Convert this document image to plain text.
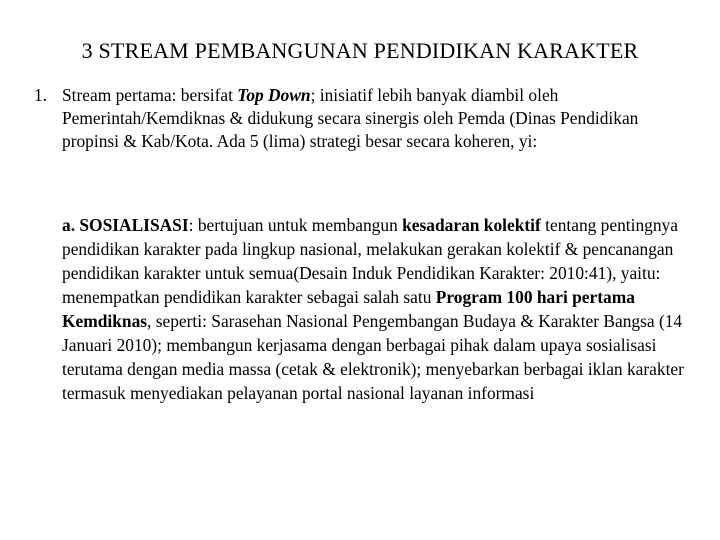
3 STREAM PEMBANGUNAN PENDIDIKAN KARAKTER
1. Stream pertama: bersifat Top Down; inisiatif lebih banyak diambil oleh Pemerintah/Kemdiknas & didukung secara sinergis oleh Pemda (Dinas Pendidikan propinsi & Kab/Kota. Ada 5 (lima) strategi besar secara koheren, yi:
a. SOSIALISASI: bertujuan untuk membangun kesadaran kolektif tentang pentingnya pendidikan karakter pada lingkup nasional, melakukan gerakan kolektif & pencanangan pendidikan karakter untuk semua(Desain Induk Pendidikan Karakter: 2010:41), yaitu: menempatkan pendidikan karakter sebagai salah satu Program 100 hari pertama Kemdiknas, seperti: Sarasehan Nasional Pengembangan Budaya & Karakter Bangsa (14 Januari 2010); membangun kerjasama dengan berbagai pihak dalam upaya sosialisasi terutama dengan media massa (cetak & elektronik); menyebarkan berbagai iklan karakter termasuk menyediakan pelayanan portal nasional layanan informasi
